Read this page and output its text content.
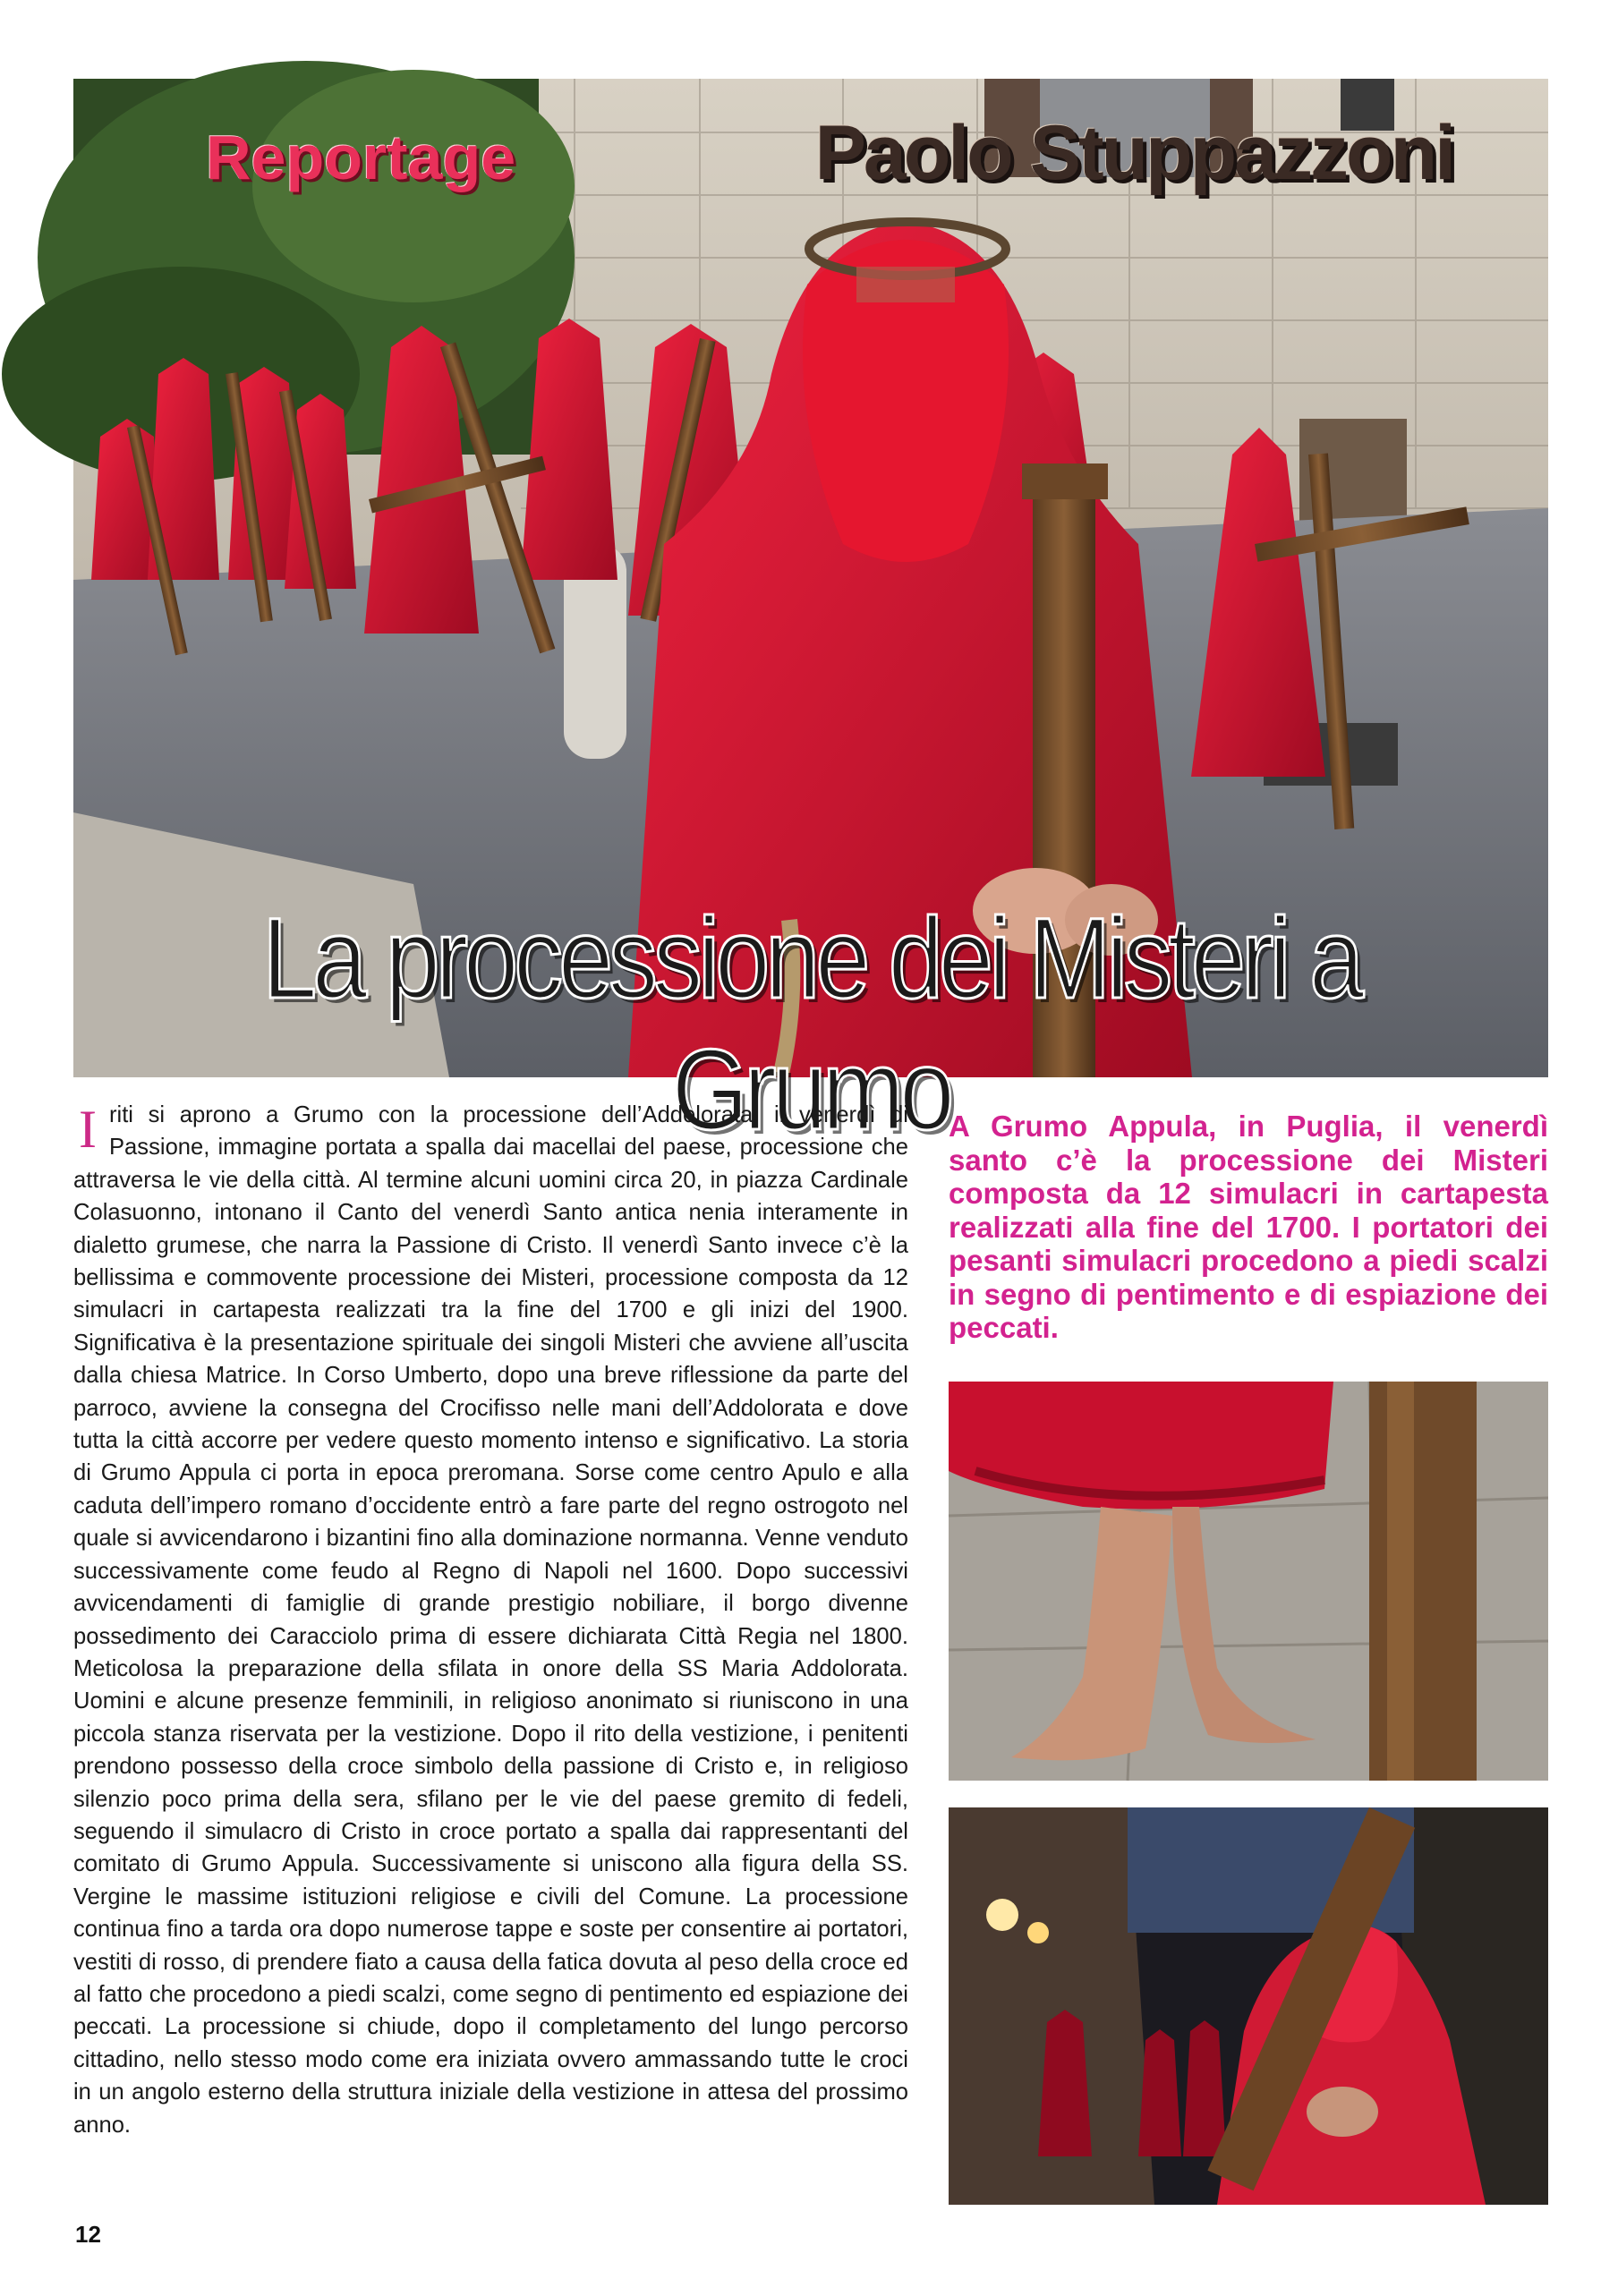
Reportage	Paolo Stuppazzoni
La processione dei Misteri a Grumo
I riti si aprono a Grumo con la processione dell’Addolorata, il venerdì di Passione, immagine portata a spalla dai macellai del paese, processione che attraversa le vie della città. Al termine alcuni uomini circa 20, in piazza Cardinale Colasuonno, intonano il Canto del venerdì Santo antica nenia interamente in dialetto grumese, che narra la Passione di Cristo. Il venerdì Santo invece c’è la bellissima e commovente processione dei Misteri, processione composta da 12 simulacri in cartapesta realizzati tra la fine del 1700 e gli inizi del 1900. Significativa è la presentazione spirituale dei singoli Misteri che avviene all’uscita dalla chiesa Matrice. In Corso Umberto, dopo una breve riflessione da parte del parroco, avviene la consegna del Crocifisso nelle mani dell’Addolorata e dove tutta la città accorre per vedere questo momento intenso e significativo. La storia di Grumo Appula ci porta in epoca preromana. Sorse come centro Apulo e alla caduta dell’impero romano d’occidente entrò a fare parte del regno ostrogoto nel quale si avvicendarono i bizantini fino alla dominazione normanna. Venne venduto successivamente come feudo al Regno di Napoli nel 1600. Dopo successivi avvicendamenti di famiglie di grande prestigio nobiliare, il borgo divenne possedimento dei Caracciolo prima di essere dichiarata Città Regia nel 1800. Meticolosa la preparazione della sfilata in onore della SS Maria Addolorata. Uomini e alcune presenze femminili, in religioso anonimato si riuniscono in una piccola stanza riservata per la vestizione. Dopo il rito della vestizione, i penitenti prendono possesso della croce simbolo della passione di Cristo e, in religioso silenzio poco prima della sera, sfilano per le vie del paese gremito di fedeli, seguendo il simulacro di Cristo in croce portato a spalla dai rappresentanti del comitato di Grumo Appula. Successivamente si uniscono alla figura della SS. Vergine le massime istituzioni religiose e civili del Comune. La processione continua fino a tarda ora dopo numerose tappe e soste per consentire ai portatori, vestiti di rosso, di prendere fiato a causa della fatica dovuta al peso della croce ed al fatto che procedono a piedi scalzi, come segno di pentimento ed espiazione dei peccati. La processione si chiude, dopo il completamento del lungo percorso cittadino, nello stesso modo come era iniziata ovvero ammassando tutte le croci in un angolo esterno della struttura iniziale della vestizione in attesa del prossimo anno.
A Grumo Appula, in Puglia, il venerdì santo c’è la processione dei Misteri composta da 12 simulacri in cartapesta realizzati alla fine del 1700. I portatori dei pesanti simulacri procedono a piedi scalzi in segno di pentimento e di espiazione dei peccati.
12
